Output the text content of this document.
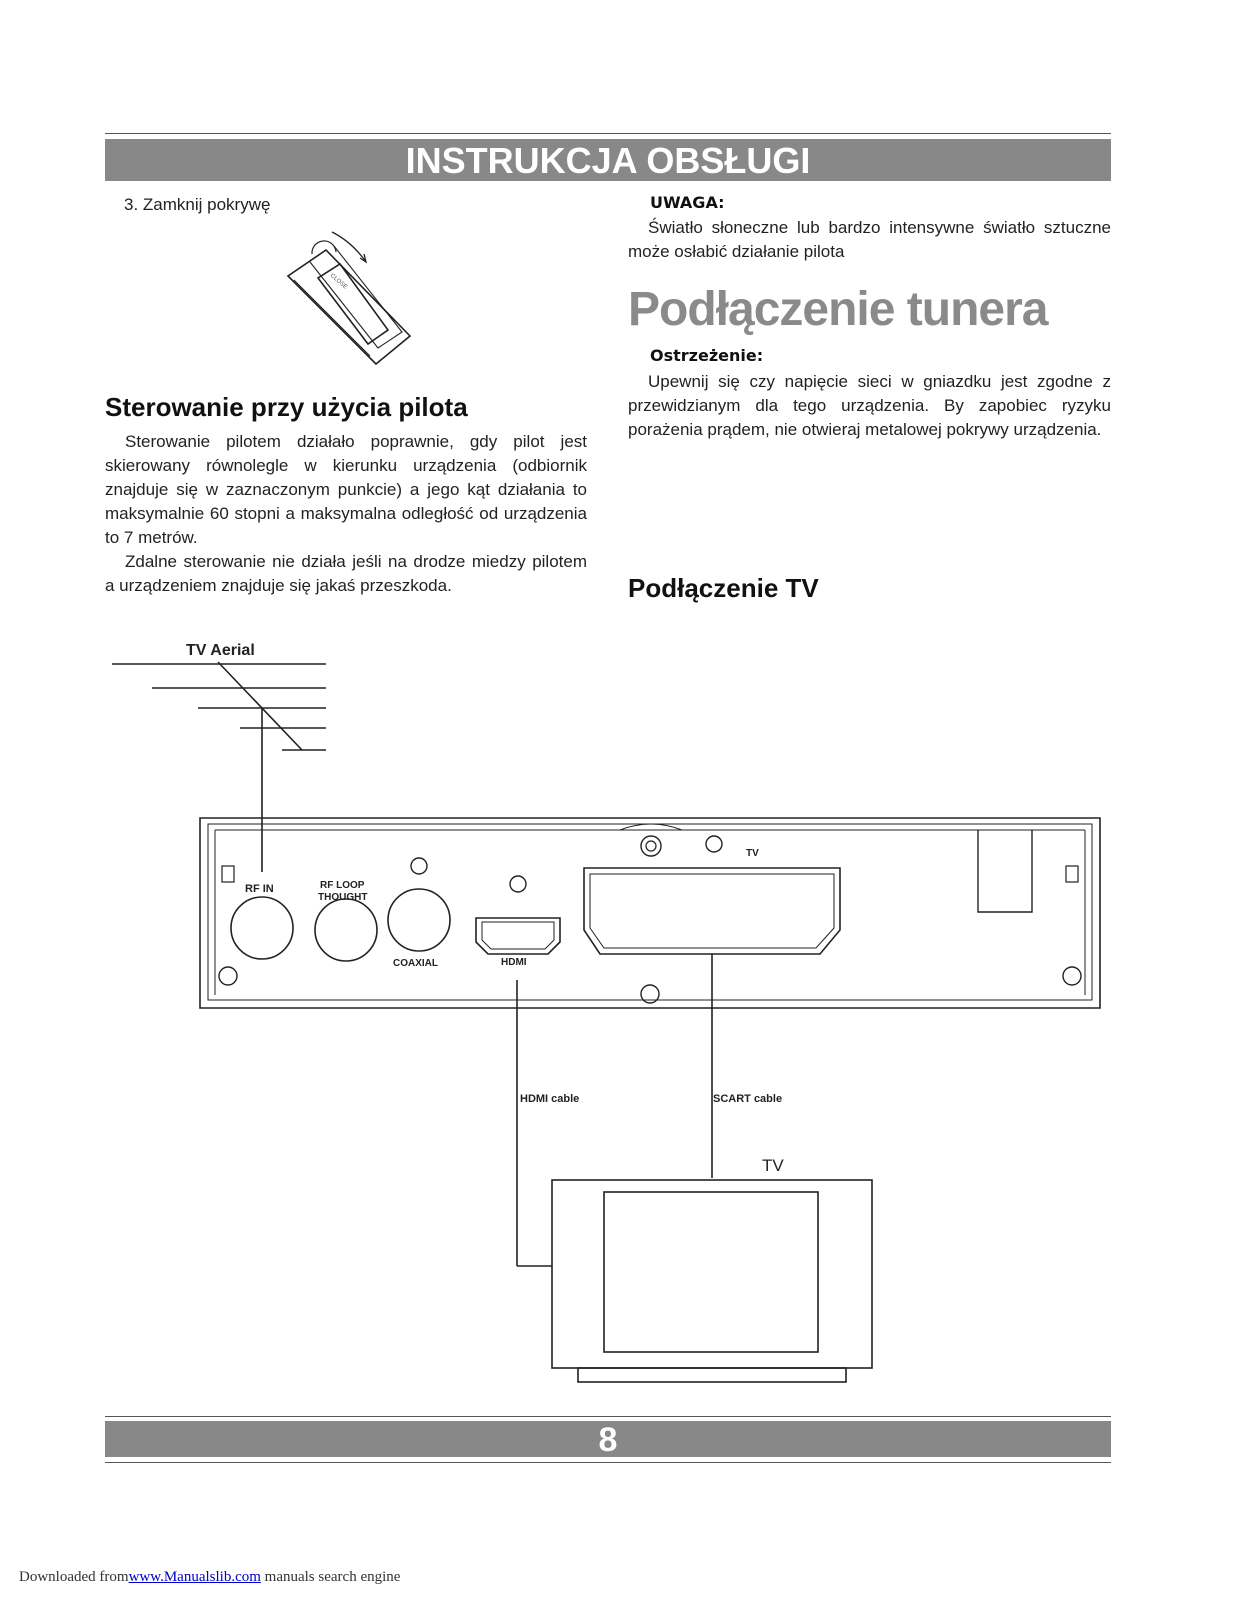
INSTRUKCJA OBSŁUGI
3. Zamknij pokrywę
CLOSE
Sterowanie przy użycia pilota

Sterowanie pilotem działało poprawnie, gdy pilot jest skierowany równolegle w kierunku urządzenia (odbiornik znajduje się w zaznaczonym punkcie) a jego kąt działania to maksymalnie 60 stopni a maksymalna odległość od urządzenia to 7 metrów.

Zdalne sterowanie nie działa jeśli na drodze miedzy pilotem a urządzeniem znajduje się jakaś przeszkoda.

UWAGA:

Światło słoneczne lub bardzo intensywne światło sztuczne może osłabić działanie pilota

Podłączenie tunera
Ostrzeżenie:

Upewnij się czy napięcie sieci w gniazdku jest zgodne z przewidzianym dla tego urządzenia. By zapobiec ryzyku porażenia prądem, nie otwieraj metalowej pokrywy urządzenia.

Podłączenie TV
TV Aerial
RF IN	RF LOOP
THOUGHT
COAXIAL	HDMI
TV
HDMI cable	SCART cable
TV
8
Downloaded fromwww.Manualslib.com manuals search engine
